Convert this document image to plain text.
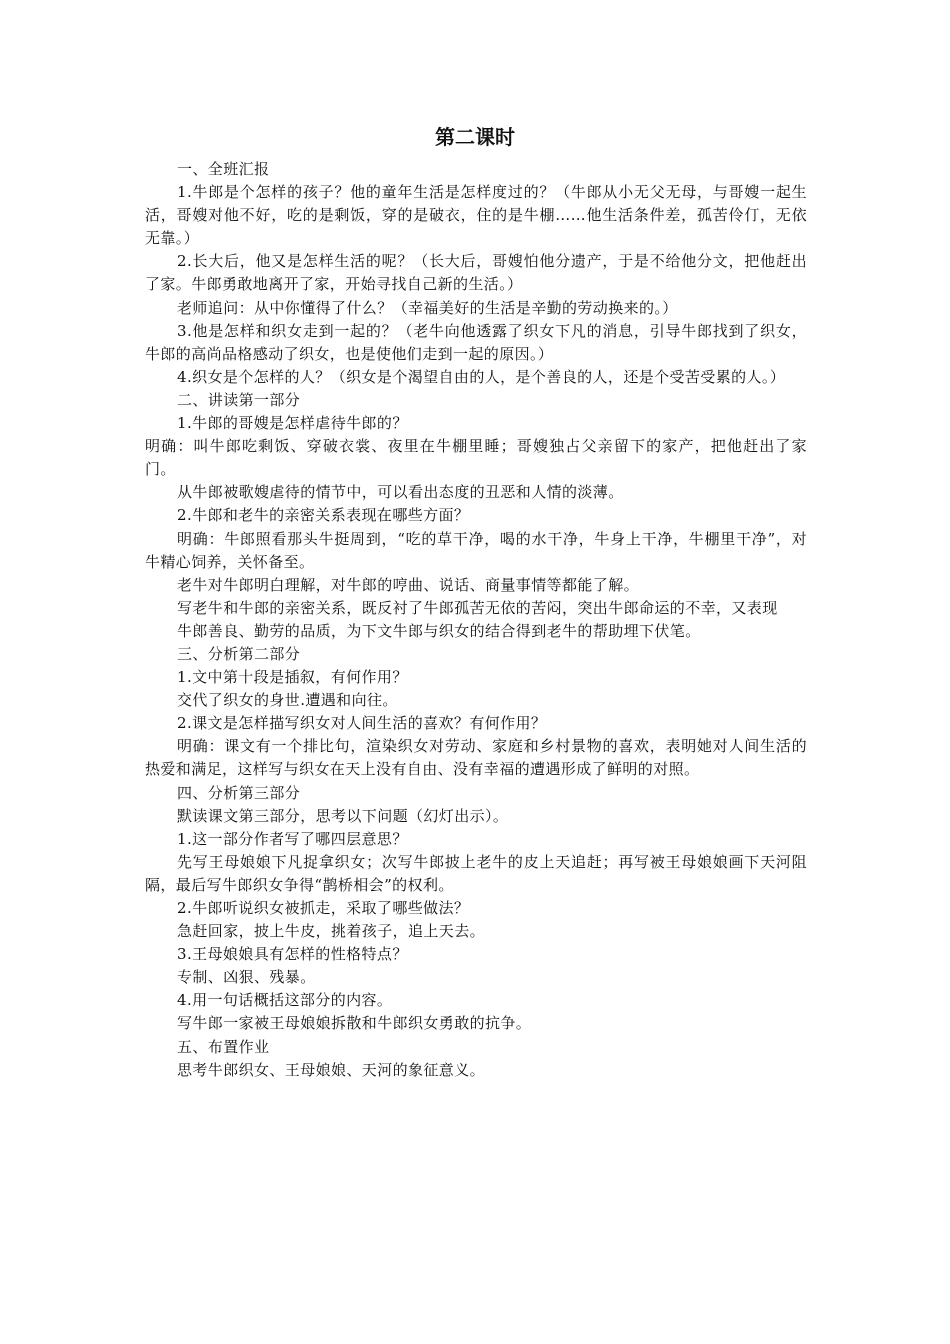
第二课时

一、全班汇报

1.牛郎是个怎样的孩子？他的童年生活是怎样度过的？（牛郎从小无父无母，与哥嫂一起生活，哥嫂对他不好，吃的是剩饭，穿的是破衣，住的是牛棚……他生活条件差，孤苦伶仃，无依无靠。）

2.长大后，他又是怎样生活的呢？（长大后，哥嫂怕他分遗产，于是不给他分文，把他赶出了家。牛郎勇敢地离开了家，开始寻找自己新的生活。）

老师追问：从中你懂得了什么？（幸福美好的生活是辛勤的劳动换来的。）

3.他是怎样和织女走到一起的？（老牛向他透露了织女下凡的消息，引导牛郎找到了织女，牛郎的高尚品格感动了织女，也是使他们走到一起的原因。）

4.织女是个怎样的人？（织女是个渴望自由的人，是个善良的人，还是个受苦受累的人。）

二、讲读第一部分

1.牛郎的哥嫂是怎样虐待牛郎的？

明确：叫牛郎吃剩饭、穿破衣裳、夜里在牛棚里睡；哥嫂独占父亲留下的家产，把他赶出了家门。

从牛郎被歌嫂虐待的情节中，可以看出态度的丑恶和人情的淡薄。

2.牛郎和老牛的亲密关系表现在哪些方面？

明确：牛郎照看那头牛挺周到，“吃的草干净，喝的水干净，牛身上干净，牛棚里干净”，对牛精心饲养，关怀备至。

老牛对牛郎明白理解，对牛郎的哼曲、说话、商量事情等都能了解。

写老牛和牛郎的亲密关系，既反衬了牛郎孤苦无依的苦闷，突出牛郎命运的不幸，又表现

牛郎善良、勤劳的品质，为下文牛郎与织女的结合得到老牛的帮助埋下伏笔。

三、分析第二部分

1.文中第十段是插叙，有何作用？

交代了织女的身世.遭遇和向往。

2.课文是怎样描写织女对人间生活的喜欢？有何作用？

明确：课文有一个排比句，渲染织女对劳动、家庭和乡村景物的喜欢，表明她对人间生活的热爱和满足，这样写与织女在天上没有自由、没有幸福的遭遇形成了鲜明的对照。

四、分析第三部分

默读课文第三部分，思考以下问题（幻灯出示）。

1.这一部分作者写了哪四层意思？

先写王母娘娘下凡捉拿织女；次写牛郎披上老牛的皮上天追赶；再写被王母娘娘画下天河阻隔，最后写牛郎织女争得“鹊桥相会”的权利。

2.牛郎听说织女被抓走，采取了哪些做法？

急赶回家，披上牛皮，挑着孩子，追上天去。

3.王母娘娘具有怎样的性格特点？

专制、凶狠、残暴。

4.用一句话概括这部分的内容。

写牛郎一家被王母娘娘拆散和牛郎织女勇敢的抗争。

五、布置作业

思考牛郎织女、王母娘娘、天河的象征意义。
